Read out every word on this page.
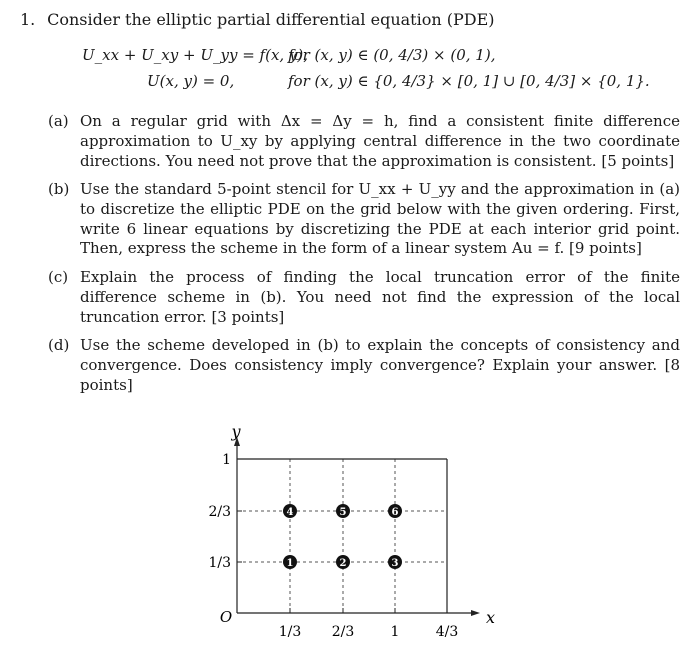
1. Consider the elliptic partial differential equation (PDE)
U_xx + U_xy + U_yy = f(x, y),
for (x, y) ∈ (0, 4/3) × (0, 1),
U(x, y) = 0,	for (x, y) ∈ {0, 4/3} × [0, 1] ∪ [0, 4/3] × {0, 1}.
(a) On a regular grid with Δx = Δy = h, find a consistent finite difference approximation to U_xy by applying central difference in the two coordinate directions. You need not prove that the approximation is consistent. [5 points]
(b) Use the standard 5-point stencil for U_xx + U_yy and the approximation in (a) to discretize the elliptic PDE on the grid below with the given ordering. First, write 6 linear equations by discretizing the PDE at each interior grid point. Then, express the scheme in the form of a linear system Au = f. [9 points]
(c) Explain the process of finding the local truncation error of the finite difference scheme in (b). You need not find the expression of the local truncation error. [3 points]
(d) Use the scheme developed in (b) to explain the concepts of consistency and convergence. Does consistency imply convergence? Explain your answer. [8 points]
y
x
O
1
2/3
1/3
1/3 2/3	1	4/3
1	2	3
4	5	6
